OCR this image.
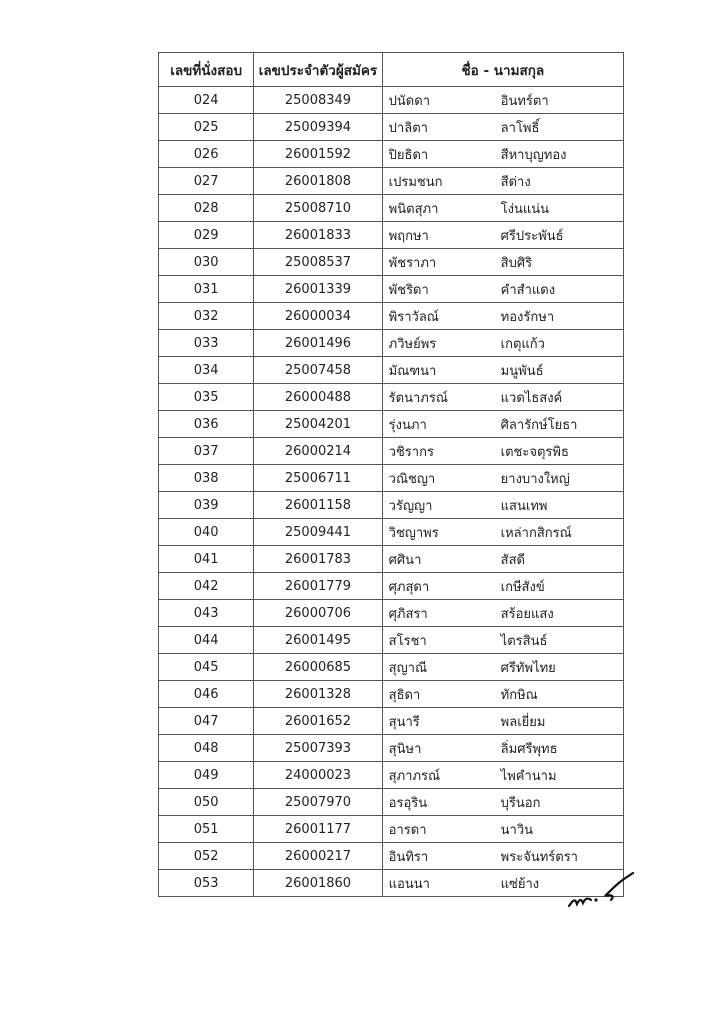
เลขที่นั่งสอบ	เลขประจำตัวผู้สมัคร	ชื่อ - นามสกุล
024	25008349	ปนัดดา อินทร์ตา

025	25009394	ปาลิตา ลาโพธิ์

026	26001592	ปิยธิดา สีหาบุญทอง

027	26001808	เปรมชนก สีด่าง

028	25008710	พนิตสุภา โง่นแน่น

029	26001833	พฤกษา ศรีประพันธ์

030	25008537	พัชราภา สิบศิริ

031	26001339	พัชริดา คำสำแดง

032	26000034	พิราวัลณ์ ทองรักษา

033	26001496	ภวิษย์พร เกตุแก้ว

034	25007458	มัณฑนา มนูพันธ์

035	26000488	รัตนาภรณ์ แวดไธสงค์

036	25004201	รุ่งนภา ศิลารักษ์โยธา

037	26000214	วชิรากร เตชะจตุรพิธ

038	25006711	วณิชญา ยางบางใหญ่

039	26001158	วรัญญา แสนเทพ

040	25009441	วิชญาพร เหล่ากสิกรณ์

041	26001783	ศศินา สัสดี

042	26001779	ศุภสุดา เกษีสังข์

043	26000706	ศุภิสรา สร้อยแสง

044	26001495	สโรชา ไตรสินธ์

045	26000685	สุญาณี ศรีทัพไทย

046	26001328	สุธิดา ทักษิณ

047	26001652	สุนารี พลเยี่ยม

048	25007393	สุนิษา ลิ่มศรีพุทธ

049	24000023	สุภาภรณ์ ไพคำนาม

050	25007970	อรอุริน บุรีนอก

051	26001177	อารดา นาวิน

052	26000217	อินทิรา พระจันทร์ตรา

053	26001860	แอนนา แซ่ย้าง
